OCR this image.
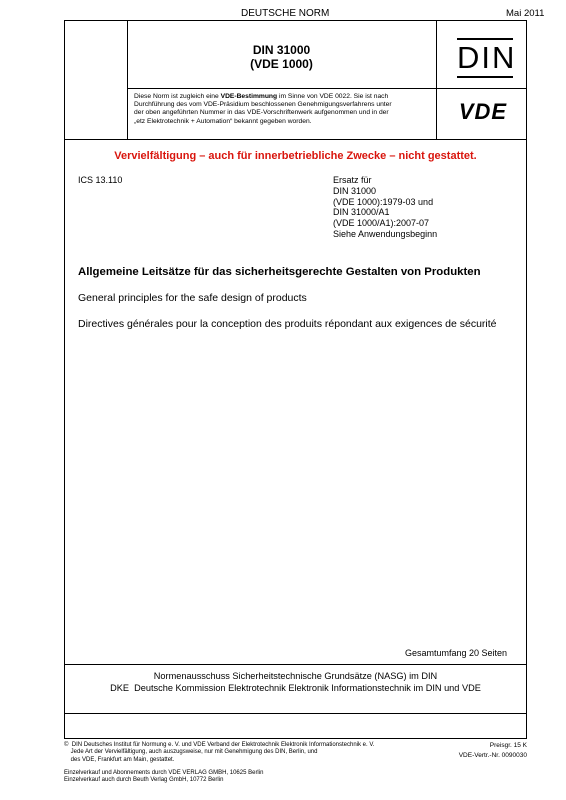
DEUTSCHE NORM	Mai 2011
DIN 31000
(VDE 1000)	DIN
VDE
Diese Norm ist zugleich eine VDE-Bestimmung im Sinne von VDE 0022. Sie ist nach
Durchführung des vom VDE-Präsidium beschlossenen Genehmigungsverfahrens unter
der oben angeführten Nummer in das VDE-Vorschriftenwerk aufgenommen und in der
„etz Elektrotechnik + Automation“ bekannt gegeben worden.
Vervielfältigung – auch für innerbetriebliche Zwecke – nicht gestattet.
ICS 13.110	Ersatz für
DIN 31000
(VDE 1000):1979-03 und
DIN 31000/A1
(VDE 1000/A1):2007-07
Siehe Anwendungsbeginn
Allgemeine Leitsätze für das sicherheitsgerechte Gestalten von Produkten
General principles for the safe design of products
Directives générales pour la conception des produits répondant aux exigences de sécurité
Gesamtumfang 20 Seiten
Normenausschuss Sicherheitstechnische Grundsätze (NASG) im DIN
DKE  Deutsche Kommission Elektrotechnik Elektronik Informationstechnik im DIN und VDE
©  DIN Deutsches Institut für Normung e. V. und VDE Verband der Elektrotechnik Elektronik Informationstechnik e. V.
Jede Art der Vervielfältigung, auch auszugsweise, nur mit Genehmigung des DIN, Berlin, und
des VDE, Frankfurt am Main, gestattet.
Preisgr. 15 K
VDE-Vertr.-Nr. 0090030
Einzelverkauf und Abonnements durch VDE VERLAG GMBH, 10625 Berlin
Einzelverkauf auch durch Beuth Verlag GmbH, 10772 Berlin
